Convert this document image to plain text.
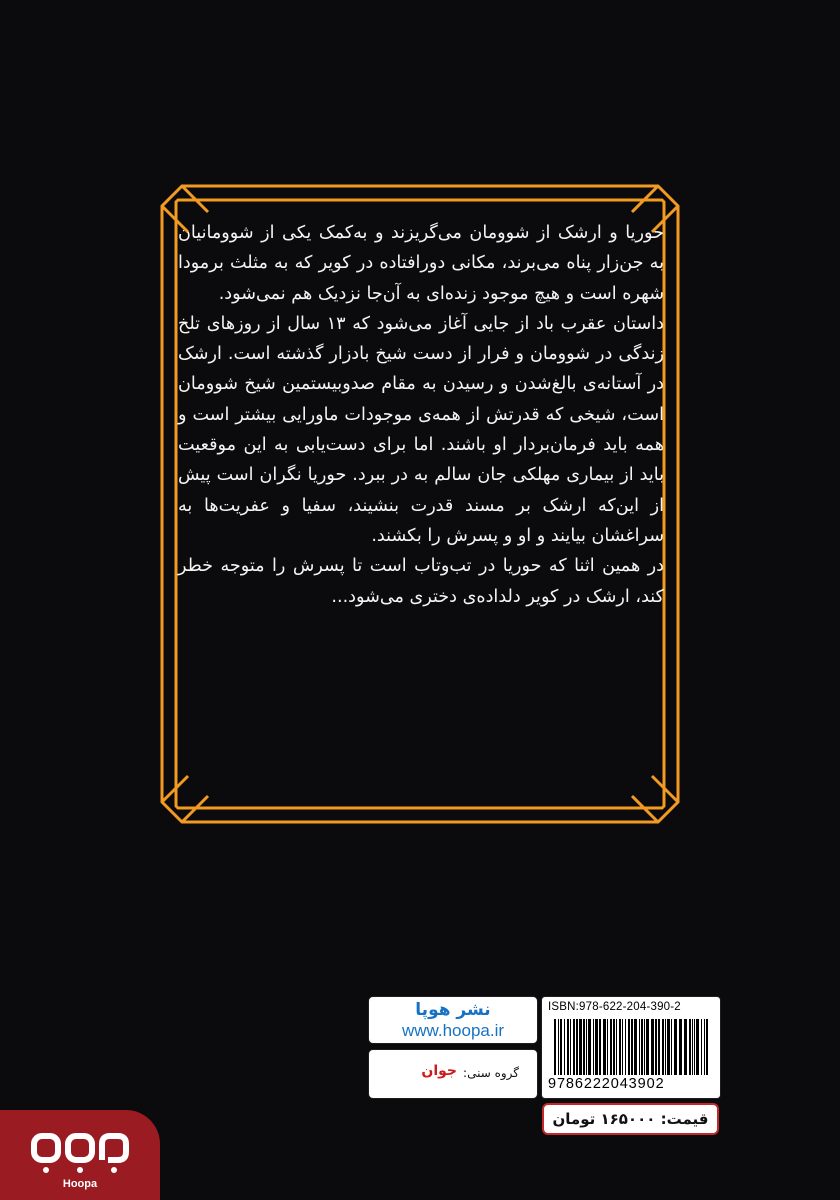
حوریا و ارشک از شوومان می‌گریزند و به‌کمک یکی از شوومانیان به جن‌زار پناه می‌برند، مکانی دورافتاده در کویر که به مثلث برمودا شهره است و هیچ موجود زنده‌ای به آن‌جا نزدیک هم نمی‌شود.

داستان عقرب باد از جایی آغاز می‌شود که ۱۳ سال از روزهای تلخ زندگی در شوومان و فرار از دست شیخ بادزار گذشته است. ارشک در آستانه‌ی بالغ‌شدن و رسیدن به مقام صدوبیستمین شیخ شوومان است، شیخی که قدرتش از همه‌ی موجودات ماورایی بیشتر است و همه باید فرمان‌بردار او باشند. اما برای دست‌یابی به این موقعیت باید از بیماری مهلکی جان سالم به در ببرد. حوریا نگران است پیش از این‌که ارشک بر مسند قدرت بنشیند، سفیا و عفریت‌ها به سراغشان بیایند و او و پسرش را بکشند.

در همین اثنا که حوریا در تب‌وتاب است تا پسرش را متوجه خطر کند، ارشک در کویر دلداده‌ی دختری می‌شود...

نشر هوپا
www.hoopa.ir
گروه سنی:
جوان
ISBN:978-622-204-390-2
9786222043902
قیمت: ۱۶۵۰۰۰ تومان
Hoopa
